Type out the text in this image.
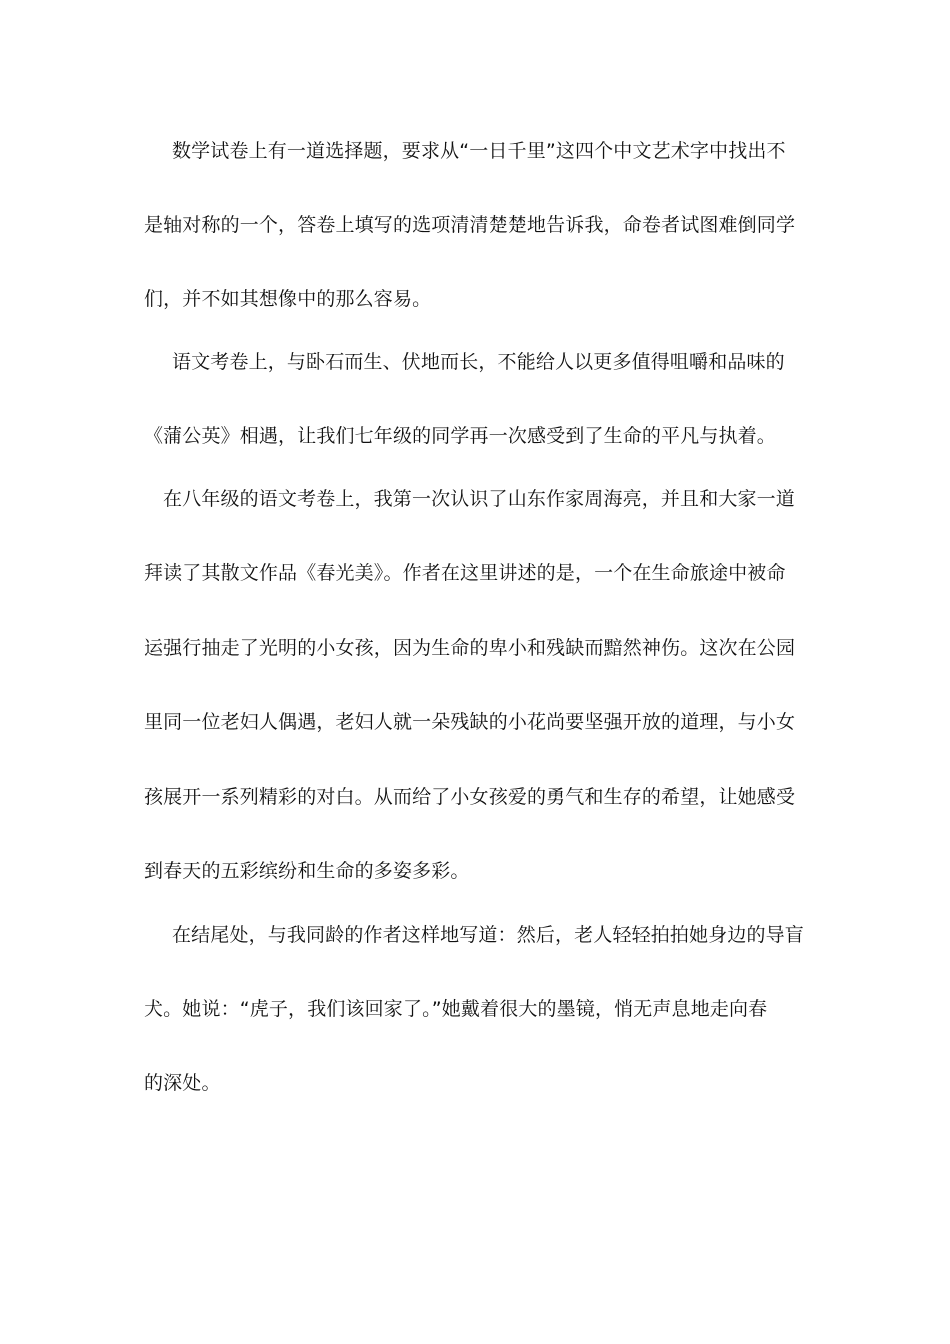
数学试卷上有一道选择题，要求从“一日千里”这四个中文艺术字中找出不
是轴对称的一个，答卷上填写的选项清清楚楚地告诉我，命卷者试图难倒同学
们，并不如其想像中的那么容易。
语文考卷上，与卧石而生、伏地而长，不能给人以更多值得咀嚼和品味的
《蒲公英》相遇，让我们七年级的同学再一次感受到了生命的平凡与执着。
在八年级的语文考卷上，我第一次认识了山东作家周海亮，并且和大家一道
拜读了其散文作品《春光美》。作者在这里讲述的是，一个在生命旅途中被命
运强行抽走了光明的小女孩，因为生命的卑小和残缺而黯然神伤。这次在公园
里同一位老妇人偶遇，老妇人就一朵残缺的小花尚要坚强开放的道理，与小女
孩展开一系列精彩的对白。从而给了小女孩爱的勇气和生存的希望，让她感受
到春天的五彩缤纷和生命的多姿多彩。
在结尾处，与我同龄的作者这样地写道：然后，老人轻轻拍拍她身边的导盲
犬。她说：“虎子，我们该回家了。”她戴着很大的墨镜，悄无声息地走向春
的深处。
